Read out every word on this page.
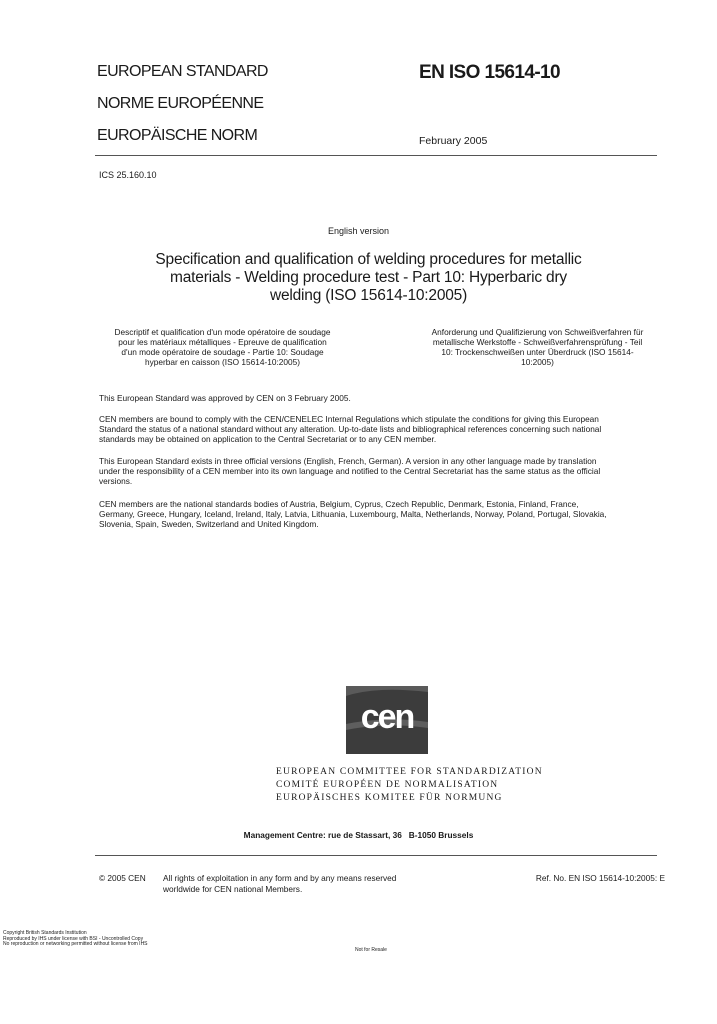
EUROPEAN STANDARD
NORME EUROPÉENNE
EUROPÄISCHE NORM
EN ISO 15614-10
February 2005
ICS 25.160.10
English version
Specification and qualification of welding procedures for metallic
materials - Welding procedure test - Part 10: Hyperbaric dry
welding (ISO 15614-10:2005)
Descriptif et qualification d'un mode opératoire de soudage
pour les matériaux métalliques - Epreuve de qualification
d'un mode opératoire de soudage - Partie 10: Soudage
hyperbar en caisson (ISO 15614-10:2005)
Anforderung und Qualifizierung von Schweißverfahren für
metallische Werkstoffe - Schweißverfahrensprüfung - Teil
10: Trockenschweißen unter Überdruck (ISO 15614-
10:2005)
This European Standard was approved by CEN on 3 February 2005.
CEN members are bound to comply with the CEN/CENELEC Internal Regulations which stipulate the conditions for giving this European
Standard the status of a national standard without any alteration. Up-to-date lists and bibliographical references concerning such national
standards may be obtained on application to the Central Secretariat or to any CEN member.
This European Standard exists in three official versions (English, French, German). A version in any other language made by translation
under the responsibility of a CEN member into its own language and notified to the Central Secretariat has the same status as the official
versions.
CEN members are the national standards bodies of Austria, Belgium, Cyprus, Czech Republic, Denmark, Estonia, Finland, France,
Germany, Greece, Hungary, Iceland, Ireland, Italy, Latvia, Lithuania, Luxembourg, Malta, Netherlands, Norway, Poland, Portugal, Slovakia,
Slovenia, Spain, Sweden, Switzerland and United Kingdom.
cen
EUROPEAN COMMITTEE FOR STANDARDIZATION
COMITÉ EUROPÉEN DE NORMALISATION
EUROPÄISCHES KOMITEE FÜR NORMUNG
Management Centre: rue de Stassart, 36   B-1050 Brussels
© 2005 CEN All rights of exploitation in any form and by any means reserved
worldwide for CEN national Members.
Ref. No. EN ISO 15614-10:2005: E
Copyright British Standards Institution
Reproduced by IHS under license with BSI - Uncontrolled Copy
No reproduction or networking permitted without license from IHS
Not for Resale
